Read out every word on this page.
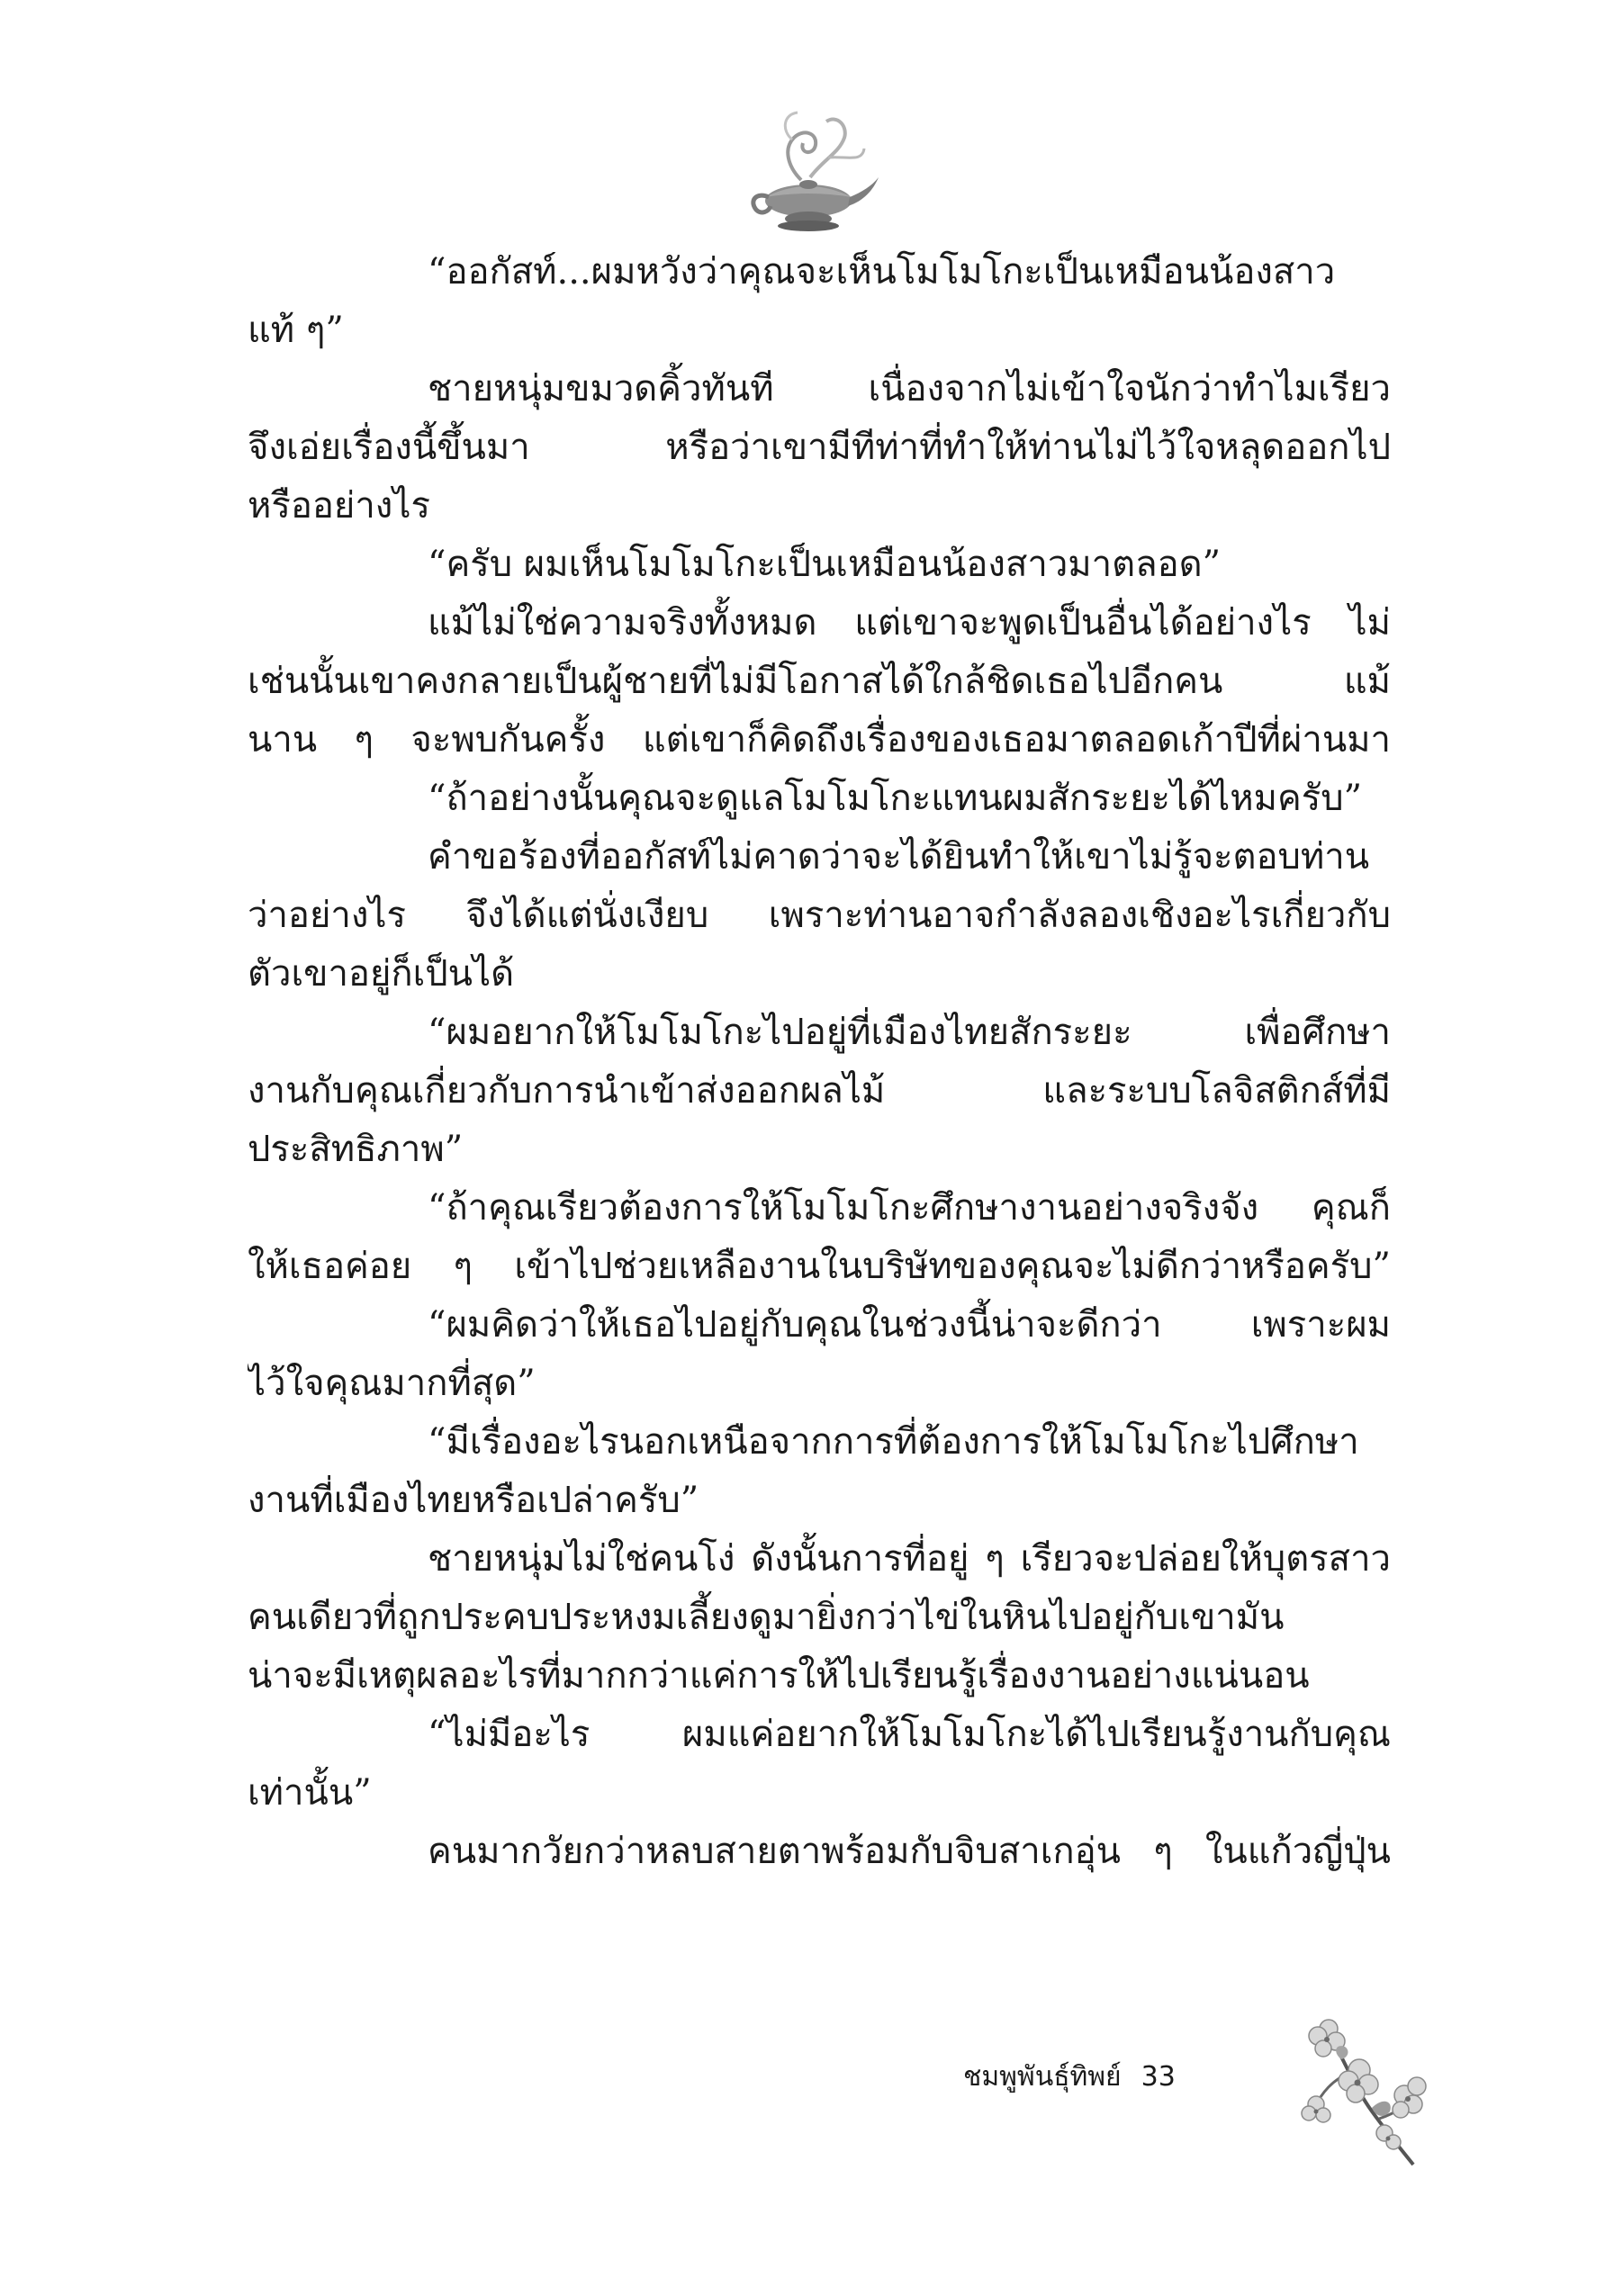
“ออกัสท์...ผมหวังว่าคุณจะเห็นโมโมโกะเป็นเหมือนน้องสาว
แท้ ๆ”
ชายหนุ่มขมวดคิ้วทันที เนื่องจากไม่เข้าใจนักว่าทำไมเรียว
จึงเอ่ยเรื่องนี้ขึ้นมา หรือว่าเขามีทีท่าที่ทำให้ท่านไม่ไว้ใจหลุดออกไป
หรืออย่างไร
“ครับ ผมเห็นโมโมโกะเป็นเหมือนน้องสาวมาตลอด”
แม้ไม่ใช่ความจริงทั้งหมด แต่เขาจะพูดเป็นอื่นได้อย่างไร ไม่
เช่นนั้นเขาคงกลายเป็นผู้ชายที่ไม่มีโอกาสได้ใกล้ชิดเธอไปอีกคน แม้
นาน ๆ จะพบกันครั้ง แต่เขาก็คิดถึงเรื่องของเธอมาตลอดเก้าปีที่ผ่านมา
“ถ้าอย่างนั้นคุณจะดูแลโมโมโกะแทนผมสักระยะได้ไหมครับ”
คำขอร้องที่ออกัสท์ไม่คาดว่าจะได้ยินทำให้เขาไม่รู้จะตอบท่าน
ว่าอย่างไร จึงได้แต่นั่งเงียบ เพราะท่านอาจกำลังลองเชิงอะไรเกี่ยวกับ
ตัวเขาอยู่ก็เป็นได้
“ผมอยากให้โมโมโกะไปอยู่ที่เมืองไทยสักระยะ เพื่อศึกษา
งานกับคุณเกี่ยวกับการนำเข้าส่งออกผลไม้ และระบบโลจิสติกส์ที่มี
ประสิทธิภาพ”
“ถ้าคุณเรียวต้องการให้โมโมโกะศึกษางานอย่างจริงจัง คุณก็
ให้เธอค่อย ๆ เข้าไปช่วยเหลืองานในบริษัทของคุณจะไม่ดีกว่าหรือครับ”
“ผมคิดว่าให้เธอไปอยู่กับคุณในช่วงนี้น่าจะดีกว่า เพราะผม
ไว้ใจคุณมากที่สุด”
“มีเรื่องอะไรนอกเหนือจากการที่ต้องการให้โมโมโกะไปศึกษา
งานที่เมืองไทยหรือเปล่าครับ”
ชายหนุ่มไม่ใช่คนโง่ ดังนั้นการที่อยู่ ๆ เรียวจะปล่อยให้บุตรสาว
คนเดียวที่ถูกประคบประหงมเลี้ยงดูมายิ่งกว่าไข่ในหินไปอยู่กับเขามัน
น่าจะมีเหตุผลอะไรที่มากกว่าแค่การให้ไปเรียนรู้เรื่องงานอย่างแน่นอน
“ไม่มีอะไร ผมแค่อยากให้โมโมโกะได้ไปเรียนรู้งานกับคุณ
เท่านั้น”
คนมากวัยกว่าหลบสายตาพร้อมกับจิบสาเกอุ่น ๆ ในแก้วญี่ปุ่น
ชมพูพันธุ์ทิพย์ 33
